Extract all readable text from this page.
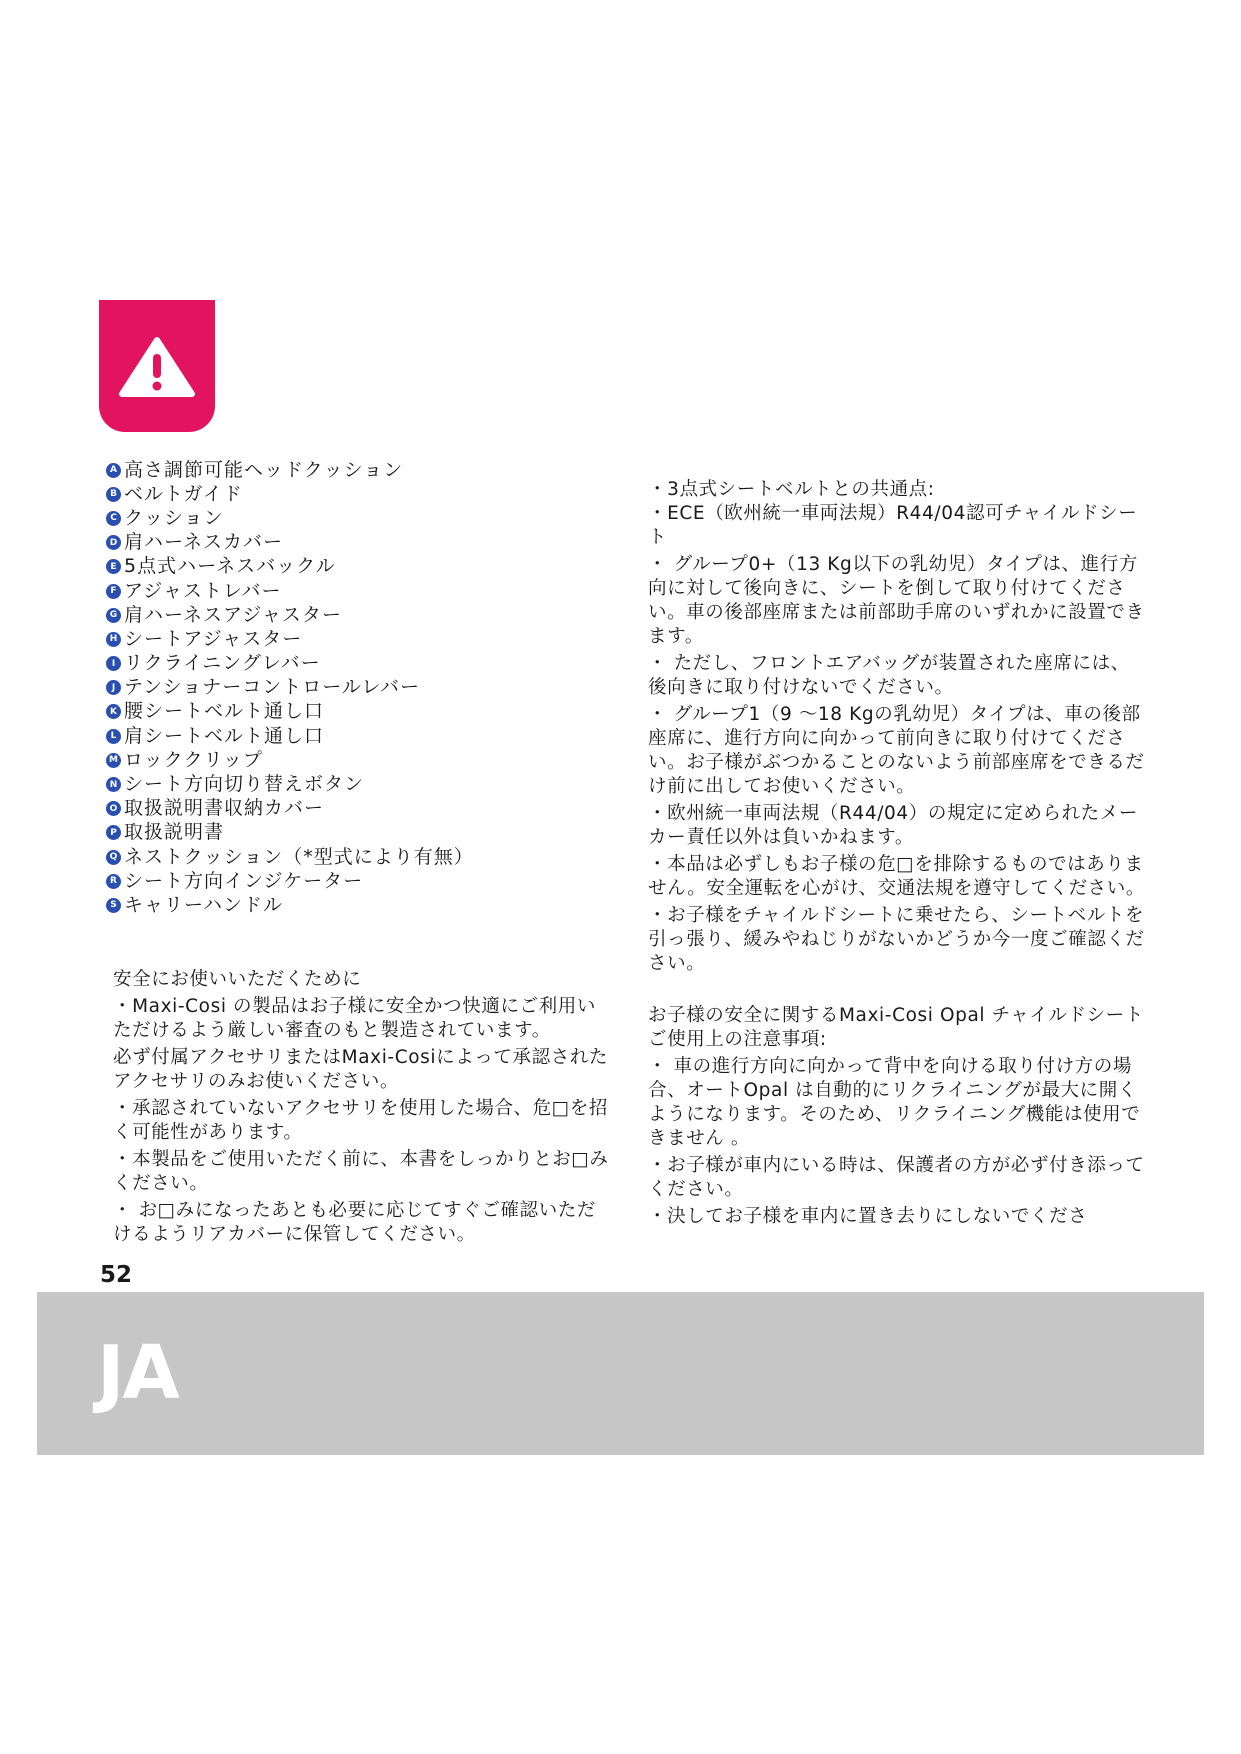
A 高さ調節可能ヘッドクッション
B ベルトガイド
C クッション
D 肩ハーネスカバー
E 5点式ハーネスバックル
F アジャストレバー
G 肩ハーネスアジャスター
H シートアジャスター
I リクライニングレバー
J テンショナーコントロールレバー
K 腰シートベルト通し口
L 肩シートベルト通し口
M ロッククリップ
N シート方向切り替えボタン
O 取扱説明書収納カバー
P 取扱説明書
Q ネストクッション（*型式により有無）
R シート方向インジケーター
S キャリーハンドル

安全にお使いいただくために

・Maxi-Cosi の製品はお子様に安全かつ快適にご利用いただけるよう厳しい審査のもと製造されています。

必ず付属アクセサリまたはMaxi-Cosiによって承認されたアクセサリのみお使いください。

・承認されていないアクセサリを使用した場合、危□を招く可能性があります。

・本製品をご使用いただく前に、本書をしっかりとお□みください。

・ お□みになったあとも必要に応じてすぐご確認いただけるようリアカバーに保管してください。

・3点式シートベルトとの共通点:

・ECE（欧州統一車両法規）R44/04認可チャイルドシート

・ グループ0+（13 Kg以下の乳幼児）タイプは、進行方向に対して後向きに、シートを倒して取り付けてください。車の後部座席または前部助手席のいずれかに設置できます。

・ ただし、フロントエアバッグが装置された座席には、後向きに取り付けないでください。

・ グループ1（9 ～18 Kgの乳幼児）タイプは、車の後部座席に、進行方向に向かって前向きに取り付けてください。お子様がぶつかることのないよう前部座席をできるだけ前に出してお使いください。

・欧州統一車両法規（R44/04）の規定に定められたメーカー責任以外は負いかねます。

・本品は必ずしもお子様の危□を排除するものではありません。安全運転を心がけ、交通法規を遵守してください。

・お子様をチャイルドシートに乗せたら、シートベルトを引っ張り、緩みやねじりがないかどうか今一度ご確認ください。

お子様の安全に関するMaxi-Cosi Opal チャイルドシートご使用上の注意事項:

・ 車の進行方向に向かって背中を向ける取り付け方の場合、オートOpal は自動的にリクライニングが最大に開くようになります。そのため、リクライニング機能は使用できません 。

・お子様が車内にいる時は、保護者の方が必ず付き添ってください。

・決してお子様を車内に置き去りにしないでくださ

52
JA
